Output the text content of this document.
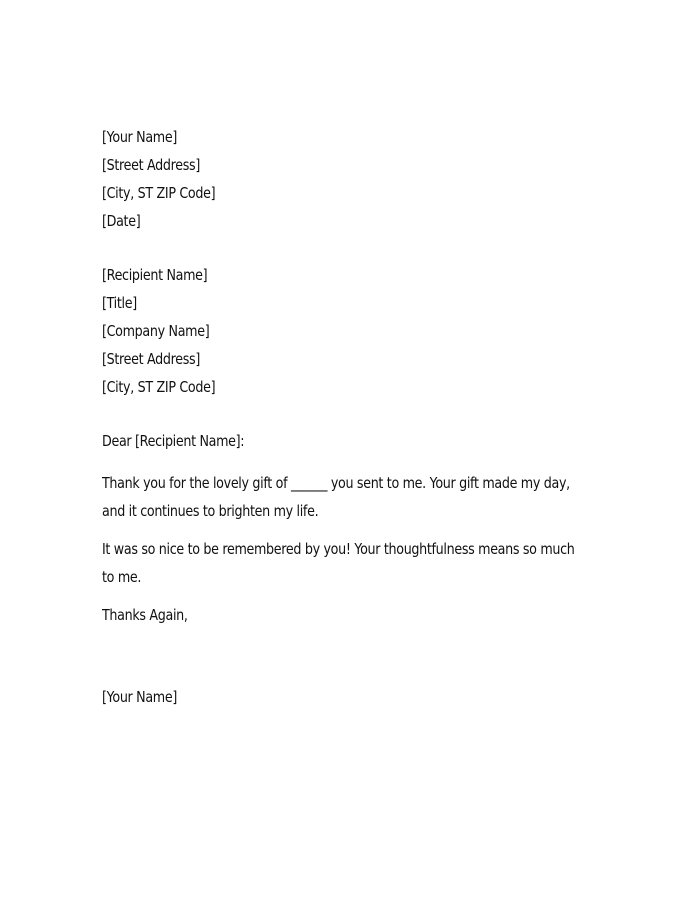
[Your Name]
[Street Address]
[City, ST ZIP Code]
[Date]
[Recipient Name]
[Title]
[Company Name]
[Street Address]
[City, ST ZIP Code]
Dear [Recipient Name]:
Thank you for the lovely gift of ______ you sent to me. Your gift made my day, and it continues to brighten my life.
It was so nice to be remembered by you! Your thoughtfulness means so much to me.
Thanks Again,
[Your Name]
